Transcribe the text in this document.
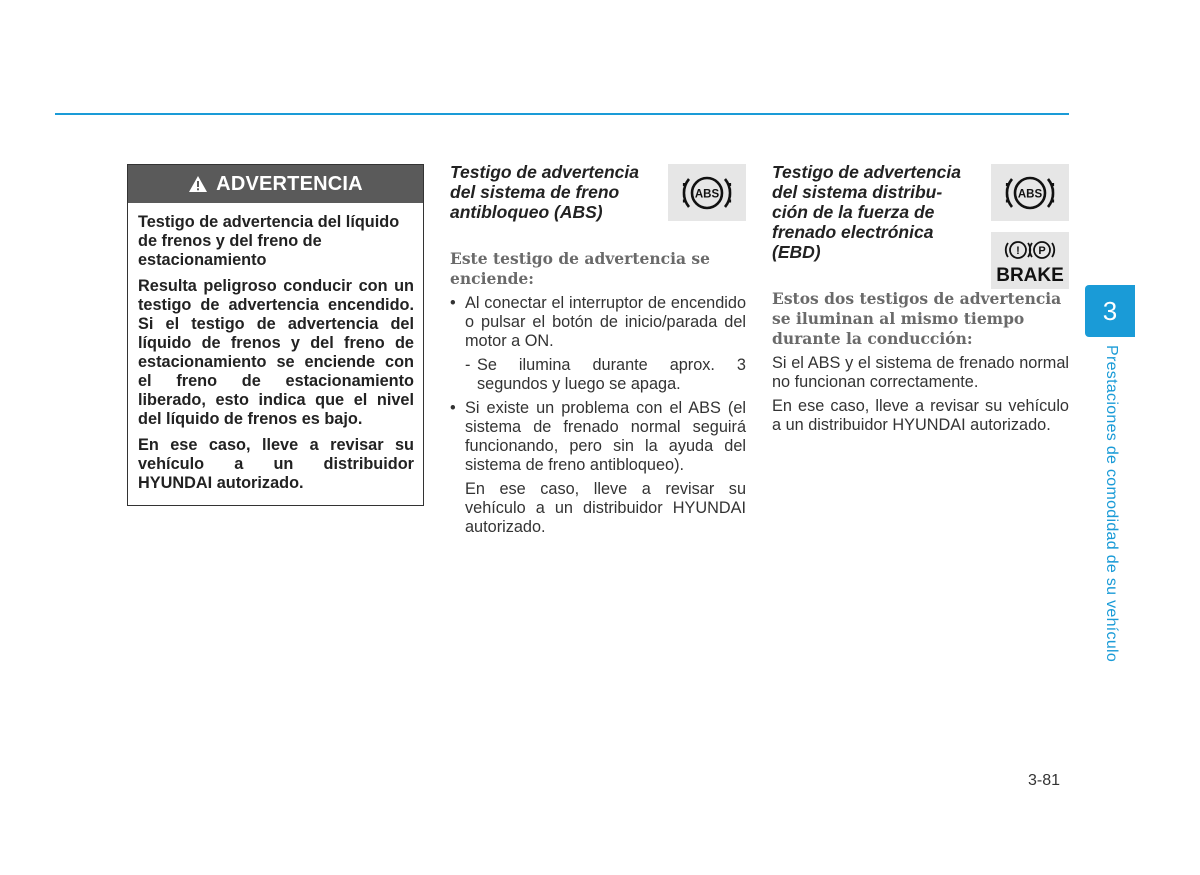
ADVERTENCIA

Testigo de advertencia del líquido de frenos y del freno de estacionamiento

Resulta peligroso conducir con un testigo de advertencia encendido. Si el testigo de advertencia del líquido de frenos y del freno de estacionamiento se enciende con el freno de estacionamiento liberado, esto indica que el nivel del líquido de frenos es bajo.

En ese caso, lleve a revisar su vehículo a un distribuidor HYUNDAI autorizado.

Testigo de advertencia del sistema de freno antibloqueo (ABS)
ABS
Este testigo de advertencia se enciende:
• Al conectar el interruptor de encendido o pulsar el botón de inicio/parada del motor a ON.
- Se ilumina durante aprox. 3 segundos y luego se apaga.
• Si existe un problema con el ABS (el sistema de frenado normal seguirá funcionando, pero sin la ayuda del sistema de freno antibloqueo).
En ese caso, lleve a revisar su vehículo a un distribuidor HYUNDAI autorizado.
Testigo de advertencia
del sistema distribu-
ción de la fuerza de
frenado electrónica
(EBD)
ABS
! P
BRAKE
Estos dos testigos de advertencia se iluminan al mismo tiempo durante la conducción:

Si el ABS y el sistema de frenado normal no funcionan correctamente.

En ese caso, lleve a revisar su vehículo a un distribuidor HYUNDAI autorizado.

3
Prestaciones de comodidad de su vehículo
3-81
